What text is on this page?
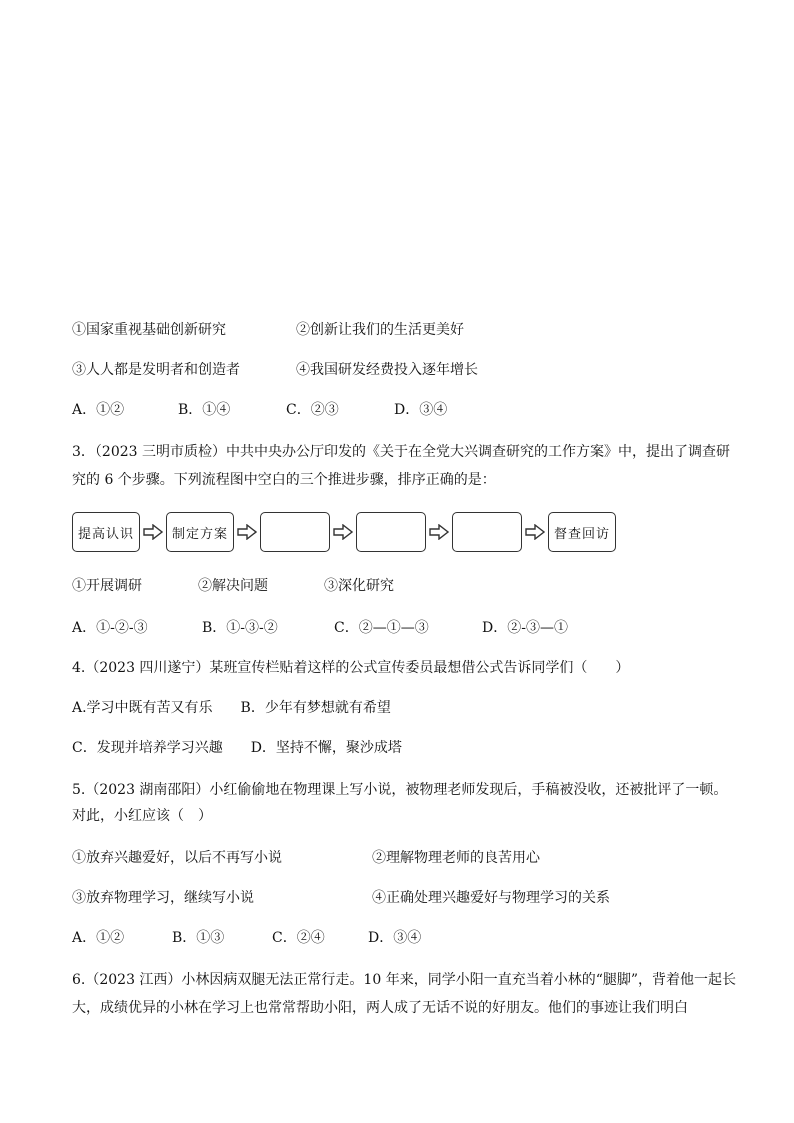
①国家重视基础创新研究	②创新让我们的生活更美好
③人人都是发明者和创造者	④我国研发经费投入逐年增长
A．①②	B．①④	C．②③	D．③④
3．（2023 三明市质检）中共中央办公厅印发的《关于在全党大兴调查研究的工作方案》中，提出了调查研
究的 6 个步骤。下列流程图中空白的三个推进步骤，排序正确的是：
提高认识	制定方案	督查回访
①开展调研	②解决问题	③深化研究
A．①-②-③	B．①-③-②	C．②—①—③	D．②-③—①
4.（2023 四川遂宁）某班宣传栏贴着这样的公式宣传委员最想借公式告诉同学们（　　）
A.学习中既有苦又有乐　　B．少年有梦想就有希望
C．发现并培养学习兴趣　　D．坚持不懈，聚沙成塔
5.（2023 湖南邵阳）小红偷偷地在物理课上写小说，被物理老师发现后，手稿被没收，还被批评了一顿。
对此，小红应该（　）
①放弃兴趣爱好，以后不再写小说	②理解物理老师的良苦用心
③放弃物理学习，继续写小说	④正确处理兴趣爱好与物理学习的关系
A．①②	B．①③	C．②④	D．③④
6.（2023 江西）小林因病双腿无法正常行走。10 年来，同学小阳一直充当着小林的“腿脚”，背着他一起长
大，成绩优异的小林在学习上也常常帮助小阳，两人成了无话不说的好朋友。他们的事迹让我们明白
